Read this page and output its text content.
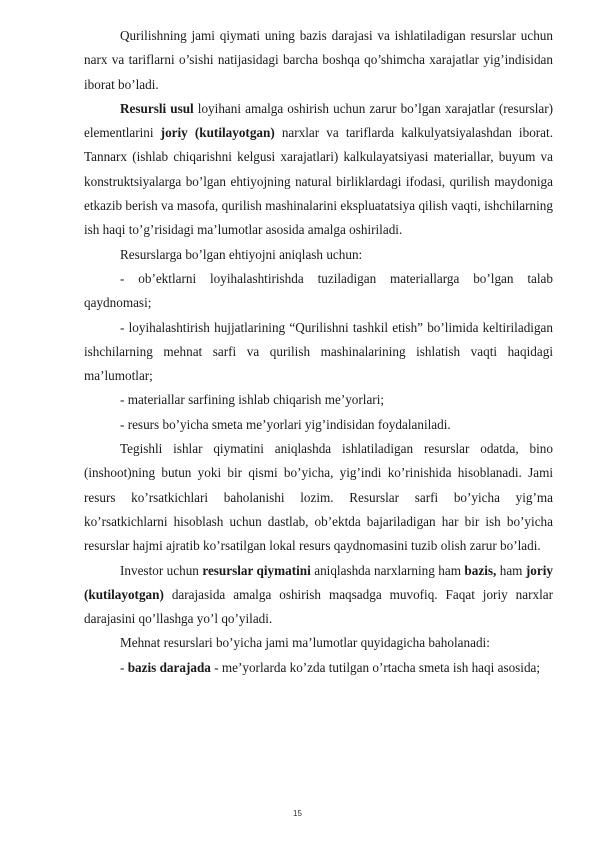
Qurilishning jami qiymati uning bazis darajasi va ishlatiladigan resurslar uchun narx va tariflarni o’sishi natijasidagi barcha boshqa qo’shimcha xarajatlar yig’indisidan iborat bo’ladi.

Resursli usul loyihani amalga oshirish uchun zarur bo’lgan xarajatlar (resurslar) elementlarini joriy (kutilayotgan) narxlar va tariflarda kalkulyatsiyalashdan iborat. Tannarx (ishlab chiqarishni kelgusi xarajatlari) kalkulayatsiyasi materiallar, buyum va konstruktsiyalarga bo’lgan ehtiyojning natural birliklardagi ifodasi, qurilish maydoniga etkazib berish va masofa, qurilish mashinalarini ekspluatatsiya qilish vaqti, ishchilarning ish haqi to’g’risidagi ma’lumotlar asosida amalga oshiriladi.

Resurslarga bo’lgan ehtiyojni aniqlash uchun:

- ob’ektlarni loyihalashtirishda tuziladigan materiallarga bo’lgan talab qaydnomasi;

- loyihalashtirish hujjatlarining “Qurilishni tashkil etish” bo’limida keltiriladigan ishchilarning mehnat sarfi va qurilish mashinalarining ishlatish vaqti haqidagi ma’lumotlar;

- materiallar sarfining ishlab chiqarish me’yorlari;

- resurs bo’yicha smeta me’yorlari yig’indisidan foydalaniladi.

Tegishli ishlar qiymatini aniqlashda ishlatiladigan resurslar odatda, bino (inshoot)ning butun yoki bir qismi bo’yicha, yig’indi ko’rinishida hisoblanadi. Jami resurs ko’rsatkichlari baholanishi lozim. Resurslar sarfi bo’yicha yig’ma ko’rsatkichlarni hisoblash uchun dastlab, ob’ektda bajariladigan har bir ish bo’yicha resurslar hajmi ajratib ko’rsatilgan lokal resurs qaydnomasini tuzib olish zarur bo’ladi.

Investor uchun resurslar qiymatini aniqlashda narxlarning ham bazis, ham joriy (kutilayotgan) darajasida amalga oshirish maqsadga muvofiq. Faqat joriy narxlar darajasini qo’llashga yo’l qo’yiladi.

Mehnat resurslari bo’yicha jami ma’lumotlar quyidagicha baholanadi:

- bazis darajada - me’yorlarda ko’zda tutilgan o’rtacha smeta ish haqi asosida;

15
